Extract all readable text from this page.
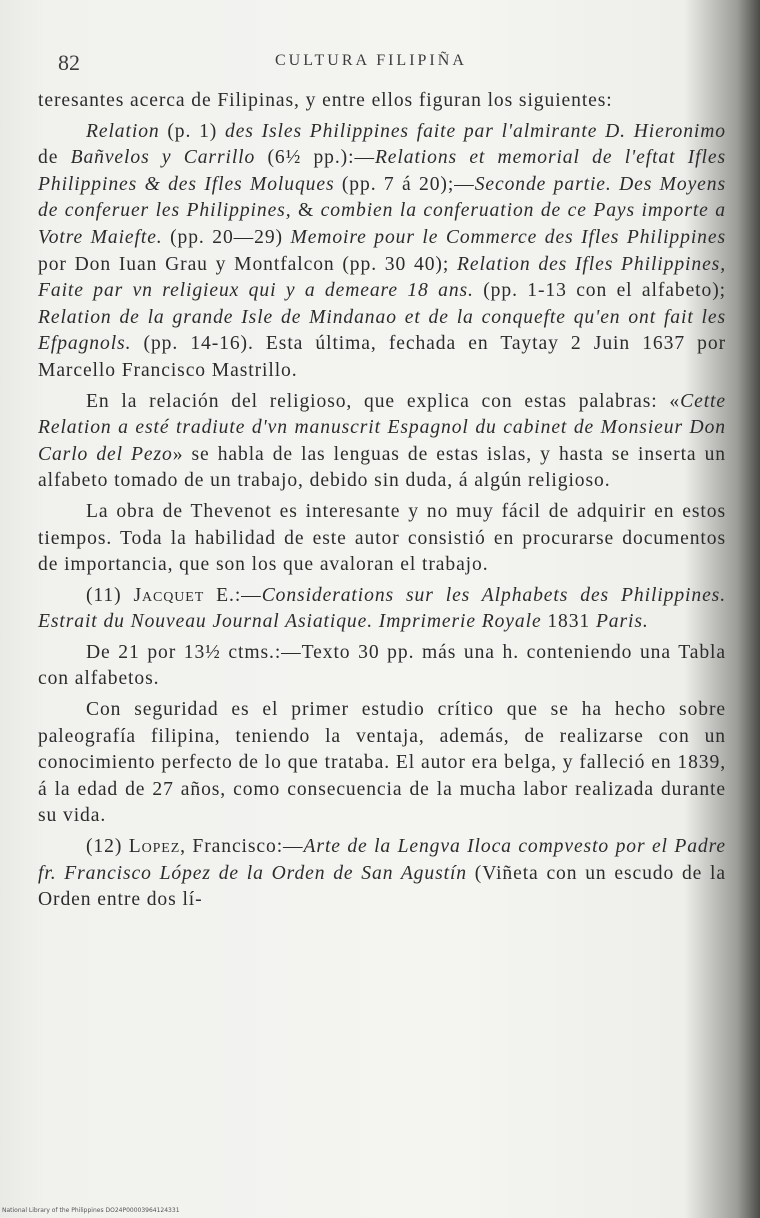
82	CULTURA FILIPIÑA

teresantes acerca de Filipinas, y entre ellos figuran los siguientes:

Relation (p. 1) des Isles Philippines faite par l'almirante D. Hieronimo de Bañvelos y Carrillo (6½ pp.):—Relations et memorial de l'eftat Ifles Philippines & des Ifles Moluques (pp. 7 á 20);—Seconde partie. Des Moyens de conferuer les Philippines, & combien la conferuation de ce Pays importe a Votre Maiefte. (pp. 20—29) Memoire pour le Commerce des Ifles Philippines por Don Iuan Grau y Montfalcon (pp. 30 40); Relation des Ifles Philippines, Faite par vn religieux qui y a demeare 18 ans. (pp. 1-13 con el alfabeto); Relation de la grande Isle de Mindanao et de la conquefte qu'en ont fait les Efpagnols. (pp. 14-16). Esta última, fechada en Taytay 2 Juin 1637 por Marcello Francisco Mastrillo.

En la relación del religioso, que explica con estas palabras: «Cette Relation a esté tradiute d'vn manuscrit Espagnol du cabinet de Monsieur Don Carlo del Pezo» se habla de las lenguas de estas islas, y hasta se inserta un alfabeto tomado de un trabajo, debido sin duda, á algún religioso.

La obra de Thevenot es interesante y no muy fácil de adquirir en estos tiempos. Toda la habilidad de este autor consistió en procurarse documentos de importancia, que son los que avaloran el trabajo.

(11) Jacquet E.:—Considerations sur les Alphabets des Philippines. Estrait du Nouveau Journal Asiatique. Imprimerie Royale 1831 Paris.

De 21 por 13½ ctms.:—Texto 30 pp. más una h. conteniendo una Tabla con alfabetos.

Con seguridad es el primer estudio crítico que se ha hecho sobre paleografía filipina, teniendo la ventaja, además, de realizarse con un conocimiento perfecto de lo que trataba. El autor era belga, y falleció en 1839, á la edad de 27 años, como consecuencia de la mucha labor realizada durante su vida.

(12) Lopez, Francisco:—Arte de la Lengva Iloca compvesto por el Padre fr. Francisco López de la Orden de San Agustín (Viñeta con un escudo de la Orden entre dos lí-

National Library of the Philippines DO24P00003964124331
